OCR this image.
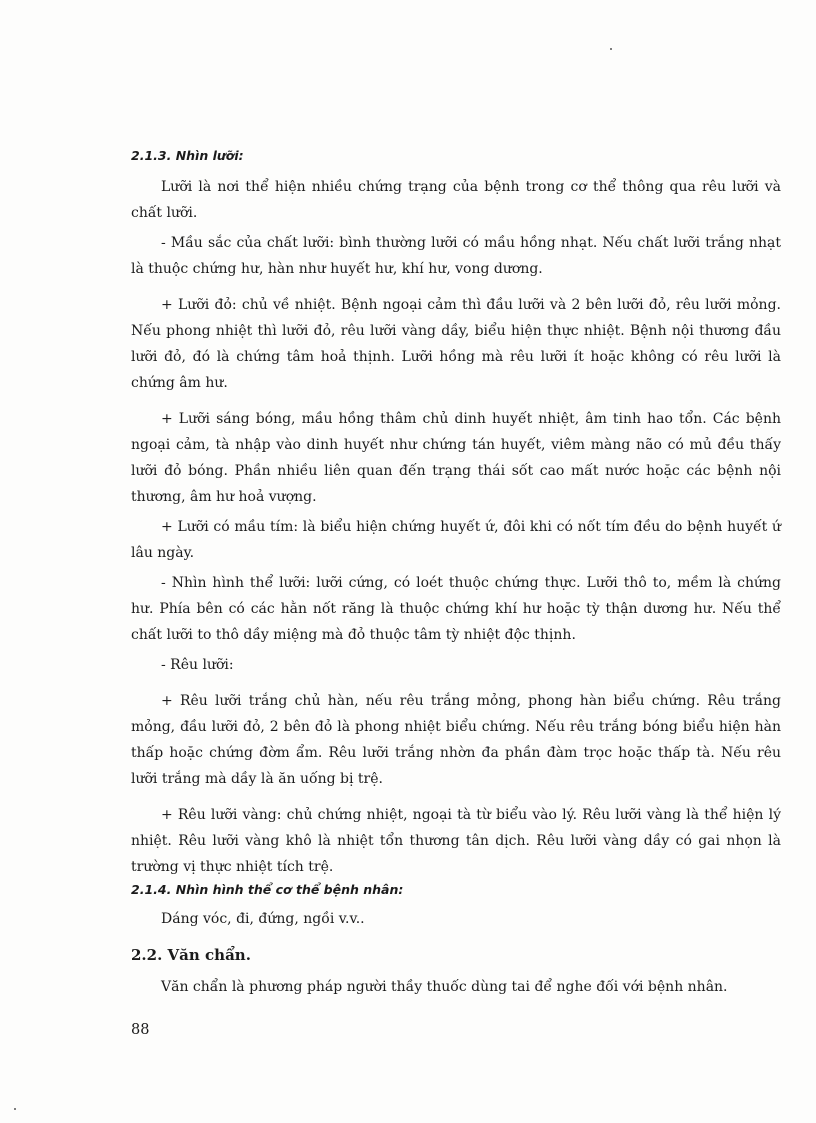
2.1.3. Nhìn lưỡi:

Lưỡi là nơi thể hiện nhiều chứng trạng của bệnh trong cơ thể thông qua rêu lưỡi và chất lưỡi.

- Mầu sắc của chất lưỡi: bình thường lưỡi có mầu hồng nhạt. Nếu chất lưỡi trắng nhạt là thuộc chứng hư, hàn như huyết hư, khí hư, vong dương.

+ Lưỡi đỏ: chủ về nhiệt. Bệnh ngoại cảm thì đầu lưỡi và 2 bên lưỡi đỏ, rêu lưỡi mỏng. Nếu phong nhiệt thì lưỡi đỏ, rêu lưỡi vàng dầy, biểu hiện thực nhiệt. Bệnh nội thương đầu lưỡi đỏ, đó là chứng tâm hoả thịnh. Lưỡi hồng mà rêu lưỡi ít hoặc không có rêu lưỡi là chứng âm hư.

+ Lưỡi sáng bóng, mầu hồng thâm chủ dinh huyết nhiệt, âm tinh hao tổn. Các bệnh ngoại cảm, tà nhập vào dinh huyết như chứng tán huyết, viêm màng não có mủ đều thấy lưỡi đỏ bóng. Phần nhiều liên quan đến trạng thái sốt cao mất nước hoặc các bệnh nội thương, âm hư hoả vượng.

+ Lưỡi có mầu tím: là biểu hiện chứng huyết ứ, đôi khi có nốt tím đều do bệnh huyết ứ lâu ngày.

- Nhìn hình thể lưỡi: lưỡi cứng, có loét thuộc chứng thực. Lưỡi thô to, mềm là chứng hư. Phía bên có các hằn nốt răng là thuộc chứng khí hư hoặc tỳ thận dương hư. Nếu thể chất lưỡi to thô dầy miệng mà đỏ thuộc tâm tỳ nhiệt độc thịnh.

- Rêu lưỡi:

+ Rêu lưỡi trắng chủ hàn, nếu rêu trắng mỏng, phong hàn biểu chứng. Rêu trắng mỏng, đầu lưỡi đỏ, 2 bên đỏ là phong nhiệt biểu chứng. Nếu rêu trắng bóng biểu hiện hàn thấp hoặc chứng đờm ẩm. Rêu lưỡi trắng nhờn đa phần đàm trọc hoặc thấp tà. Nếu rêu lưỡi trắng mà dầy là ăn uống bị trệ.

+ Rêu lưỡi vàng: chủ chứng nhiệt, ngoại tà từ biểu vào lý. Rêu lưỡi vàng là thể hiện lý nhiệt. Rêu lưỡi vàng khô là nhiệt tổn thương tân dịch. Rêu lưỡi vàng dầy có gai nhọn là trường vị thực nhiệt tích trệ.

2.1.4. Nhìn hình thể cơ thể bệnh nhân:

Dáng vóc, đi, đứng, ngồi v.v..

2.2. Văn chẩn.

Văn chẩn là phương pháp người thầy thuốc dùng tai để nghe đối với bệnh nhân.

88
